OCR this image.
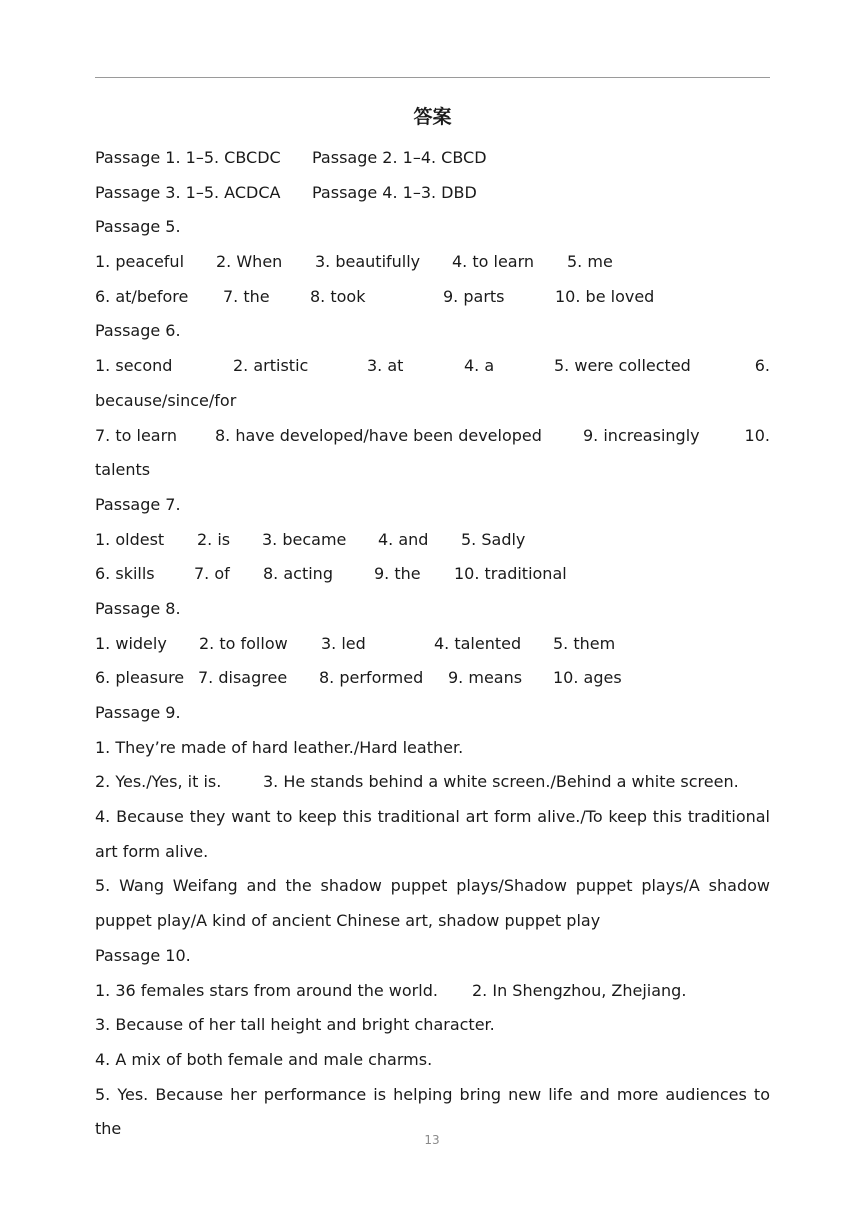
答案
Passage 1. 1–5. CBCDC Passage 2. 1–4. CBCD
Passage 3. 1–5. ACDCA Passage 4. 1–3. DBD
Passage 5.
1. peaceful 2. When 3. beautifully 4. to learn 5. me
6. at/before 7. the	8. took	9. parts	10. be loved
Passage 6.
1. second	2. artistic	3. at	4. a	5. were collected	6.
because/since/for
7. to learn 8. have developed/have been developed	9. increasingly	10.
talents
Passage 7.
1. oldest 2. is 3. became 4. and 5. Sadly
6. skills 7. of 8. acting	9. the 10. traditional
Passage 8.
1. widely 2. to follow 3. led	4. talented 5. them
6. pleasure 7. disagree 8. performed 9. means 10. ages
Passage 9.
1. They’re made of hard leather./Hard leather.
2. Yes./Yes, it is.	3. He stands behind a white screen./Behind a white screen.
4. Because they want to keep this traditional art form alive./To keep this traditional
art form alive.
5. Wang Weifang and the shadow puppet plays/Shadow puppet plays/A shadow
puppet play/A kind of ancient Chinese art, shadow puppet play
Passage 10.
1. 36 females stars from around the world. 2. In Shengzhou, Zhejiang.
3. Because of her tall height and bright character.
4. A mix of both female and male charms.
5. Yes. Because her performance is helping bring new life and more audiences to the
13
